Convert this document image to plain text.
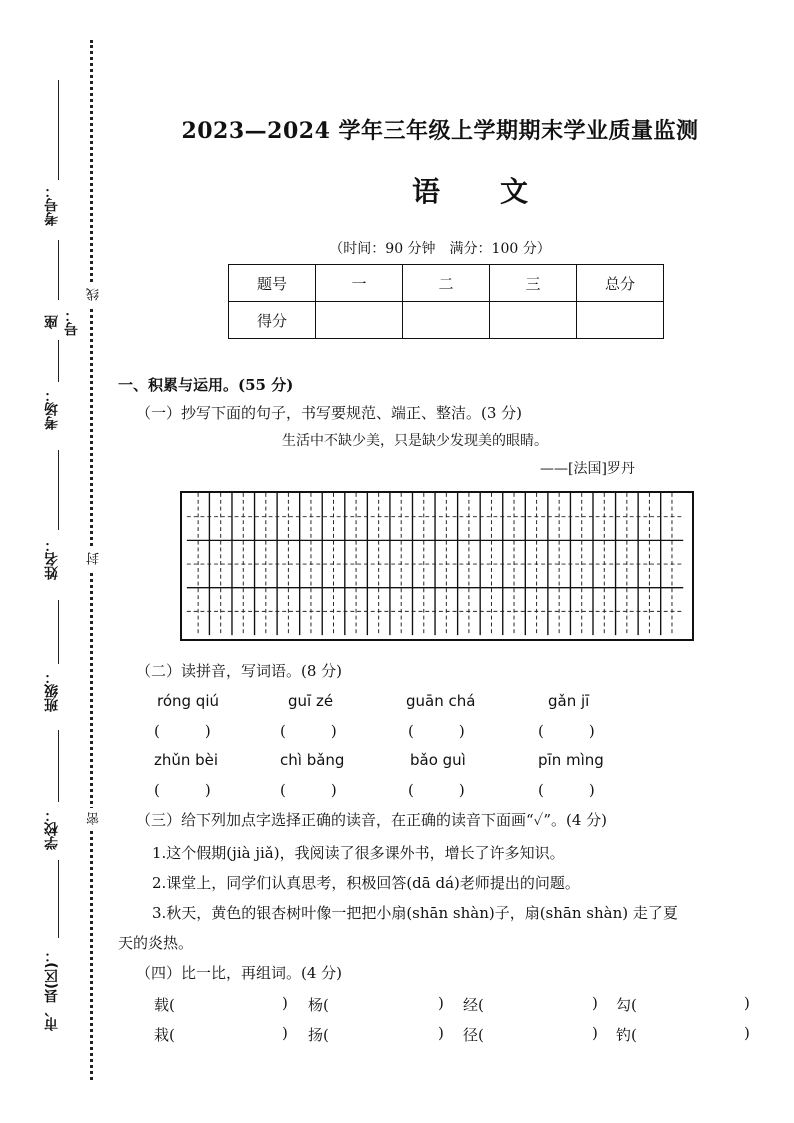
考号：
座号：
考场：
姓名：
班级：
学校：
市、县(区)：
线
封
密
2023—2024 学年三年级上学期期末学业质量监测
语文
（时间：90 分钟　满分：100 分）
题号	一	二	三	总分
得分				
一、积累与运用。(55 分)
（一）抄写下面的句子，书写要规范、端正、整洁。(3 分)
生活中不缺少美，只是缺少发现美的眼睛。
——[法国]罗丹
（二）读拼音，写词语。(8 分)
róng qiú	guī zé	guān chá	gǎn jī
(　　　)	(　　　)	(　　　)	(　　　)
zhǔn bèi	chì bǎng	bǎo guì	pīn mìng
(　　　)	(　　　)	(　　　)	(　　　)
（三）给下列加点字选择正确的读音，在正确的读音下面画“✓”。(4 分)
1.这个假期(jià jiǎ)，我阅读了很多课外书，增长了许多知识。
2.课堂上，同学们认真思考，积极回答(dā dá)老师提出的问题。
3.秋天，黄色的银杏树叶像一把把小扇(shān shàn)子，扇(shān shàn) 走了夏
天的炎热。
（四）比一比，再组词。(4 分)
载(	) 杨(	) 经(	) 勾(	)
栽(	) 扬(	) 径(	) 钓(	)
